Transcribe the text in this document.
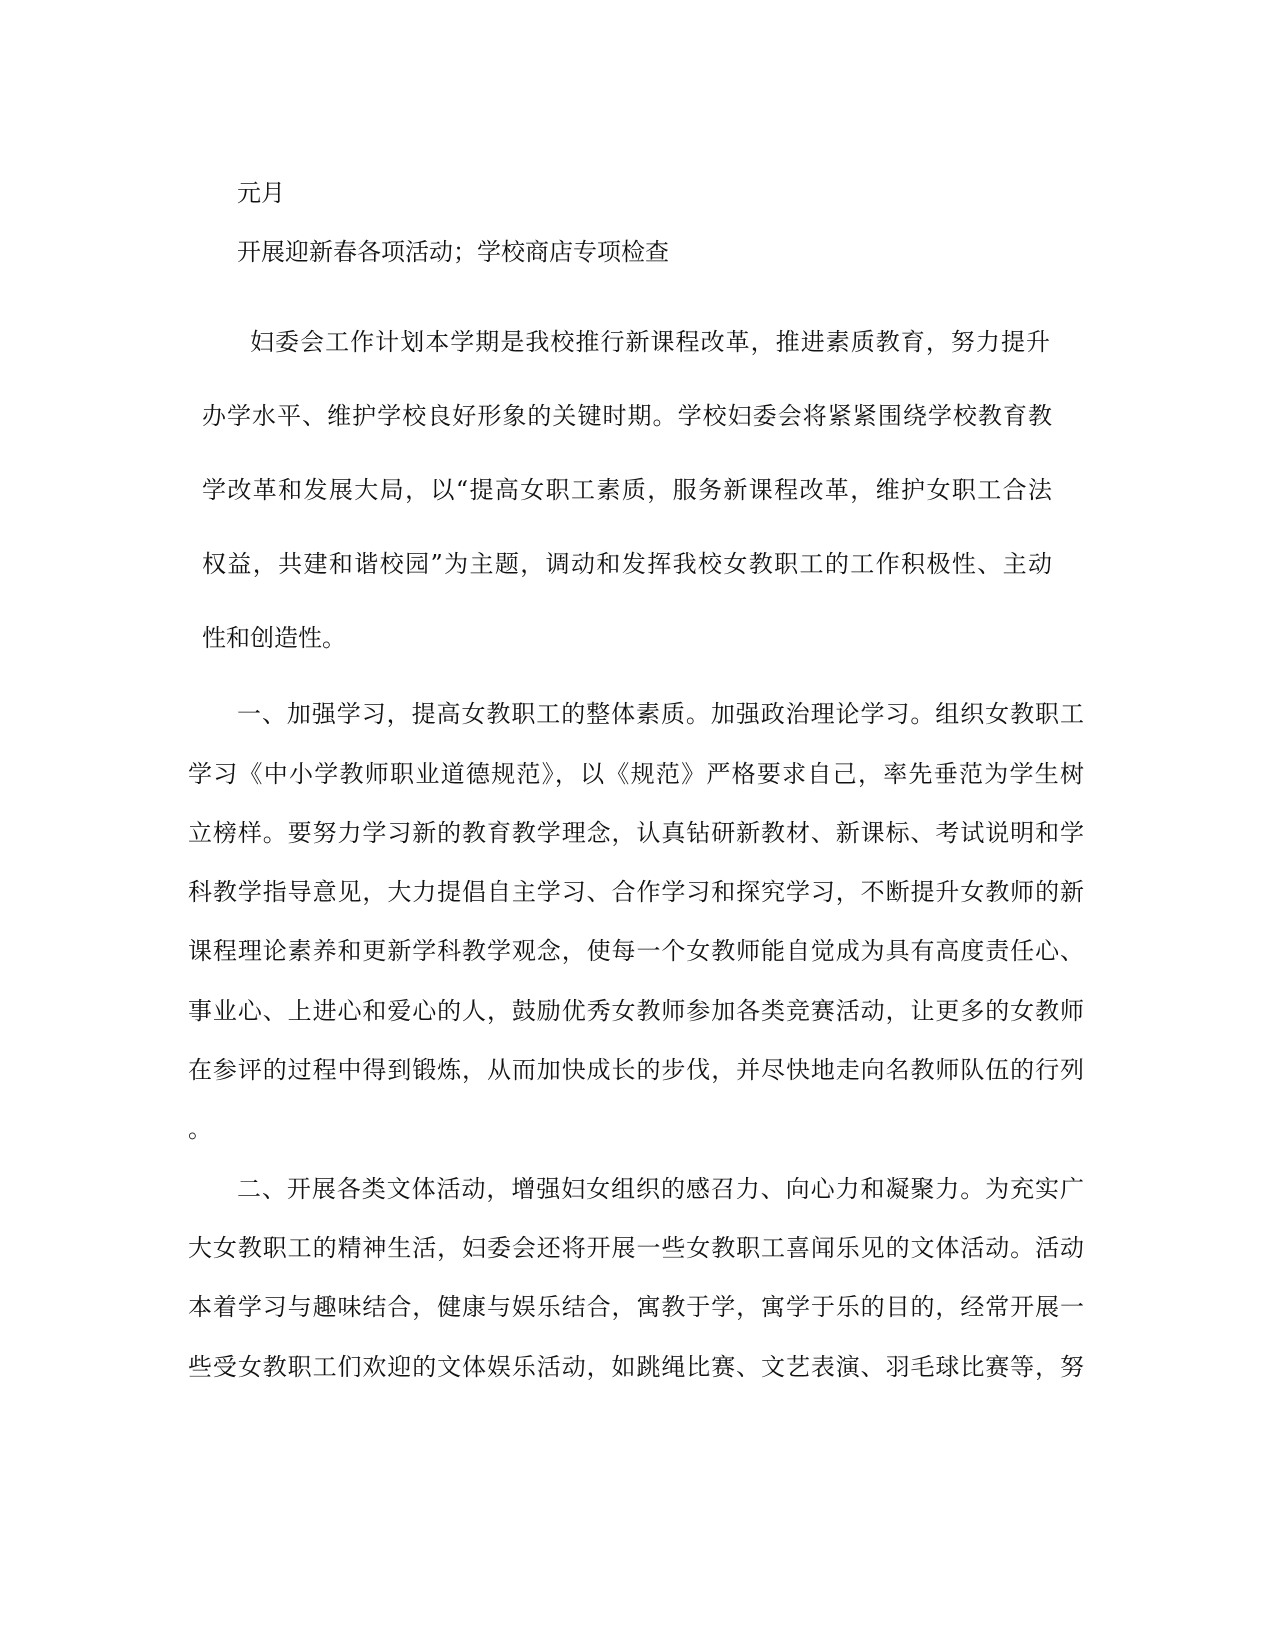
元月

开展迎新春各项活动；学校商店专项检查

妇委会工作计划本学期是我校推行新课程改革，推进素质教育，努力提升

办学水平、维护学校良好形象的关键时期。学校妇委会将紧紧围绕学校教育教

学改革和发展大局，以“提高女职工素质，服务新课程改革，维护女职工合法

权益，共建和谐校园”为主题，调动和发挥我校女教职工的工作积极性、主动

性和创造性。

一、加强学习，提高女教职工的整体素质。加强政治理论学习。组织女教职工

学习《中小学教师职业道德规范》，以《规范》严格要求自己，率先垂范为学生树

立榜样。要努力学习新的教育教学理念，认真钻研新教材、新课标、考试说明和学

科教学指导意见，大力提倡自主学习、合作学习和探究学习，不断提升女教师的新

课程理论素养和更新学科教学观念，使每一个女教师能自觉成为具有高度责任心、

事业心、上进心和爱心的人，鼓励优秀女教师参加各类竞赛活动，让更多的女教师

在参评的过程中得到锻炼，从而加快成长的步伐，并尽快地走向名教师队伍的行列

。

二、开展各类文体活动，增强妇女组织的感召力、向心力和凝聚力。为充实广

大女教职工的精神生活，妇委会还将开展一些女教职工喜闻乐见的文体活动。活动

本着学习与趣味结合，健康与娱乐结合，寓教于学，寓学于乐的目的，经常开展一

些受女教职工们欢迎的文体娱乐活动，如跳绳比赛、文艺表演、羽毛球比赛等，努
